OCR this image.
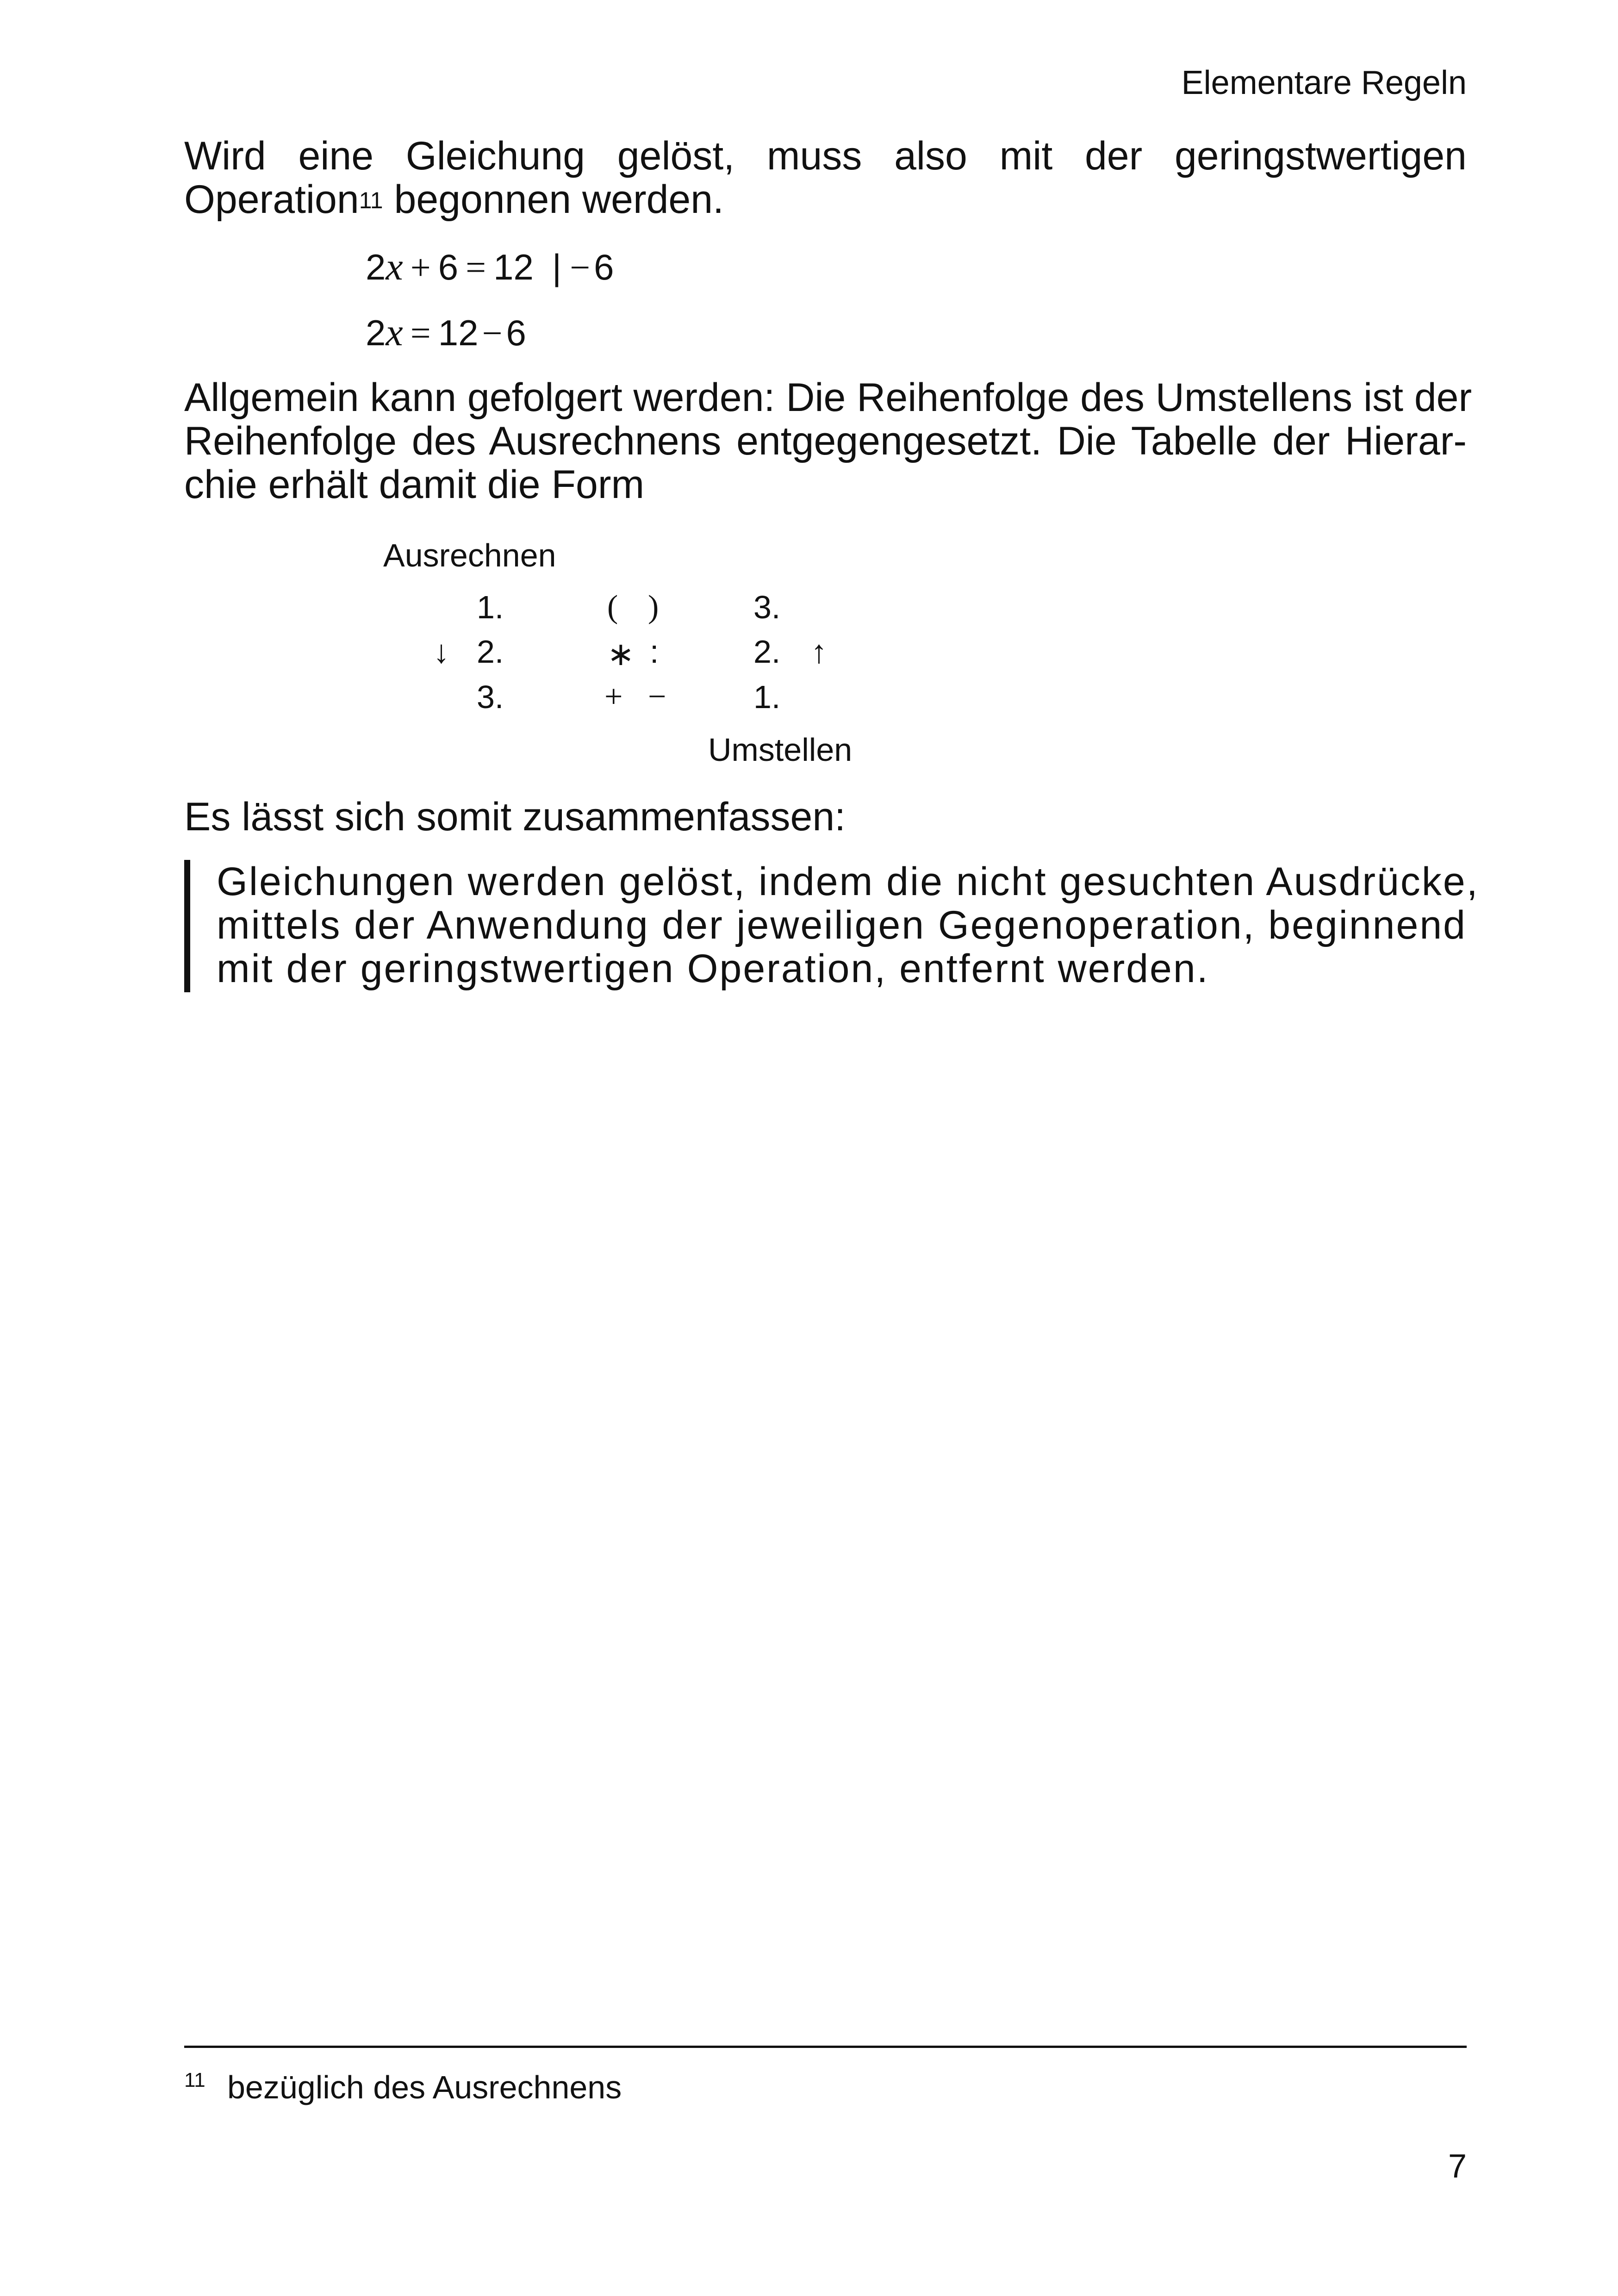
Elementare Regeln
Wird eine Gleichung gelöst, muss also mit der geringstwertigen
Operation$^{11}$ begonnen werden.
2x + 6 = 12 | − 6
2x = 12 − 6
Allgemein kann gefolgert werden: Die Reihenfolge des Umstellens ist der
Reihenfolge des Ausrechnens entgegengesetzt. Die Tabelle der Hierar-
chie erhält damit die Form
Ausrechnen
1.	( )	3.
↓ 2.	∗ :	2. ↑
3.	+ −	1.
Umstellen
Es lässt sich somit zusammenfassen:
Gleichungen werden gelöst, indem die nicht gesuchten Ausdrücke,
mittels der Anwendung der jeweiligen Gegenoperation, beginnend
mit der geringstwertigen Operation, entfernt werden.
11 bezüglich des Ausrechnens
7
